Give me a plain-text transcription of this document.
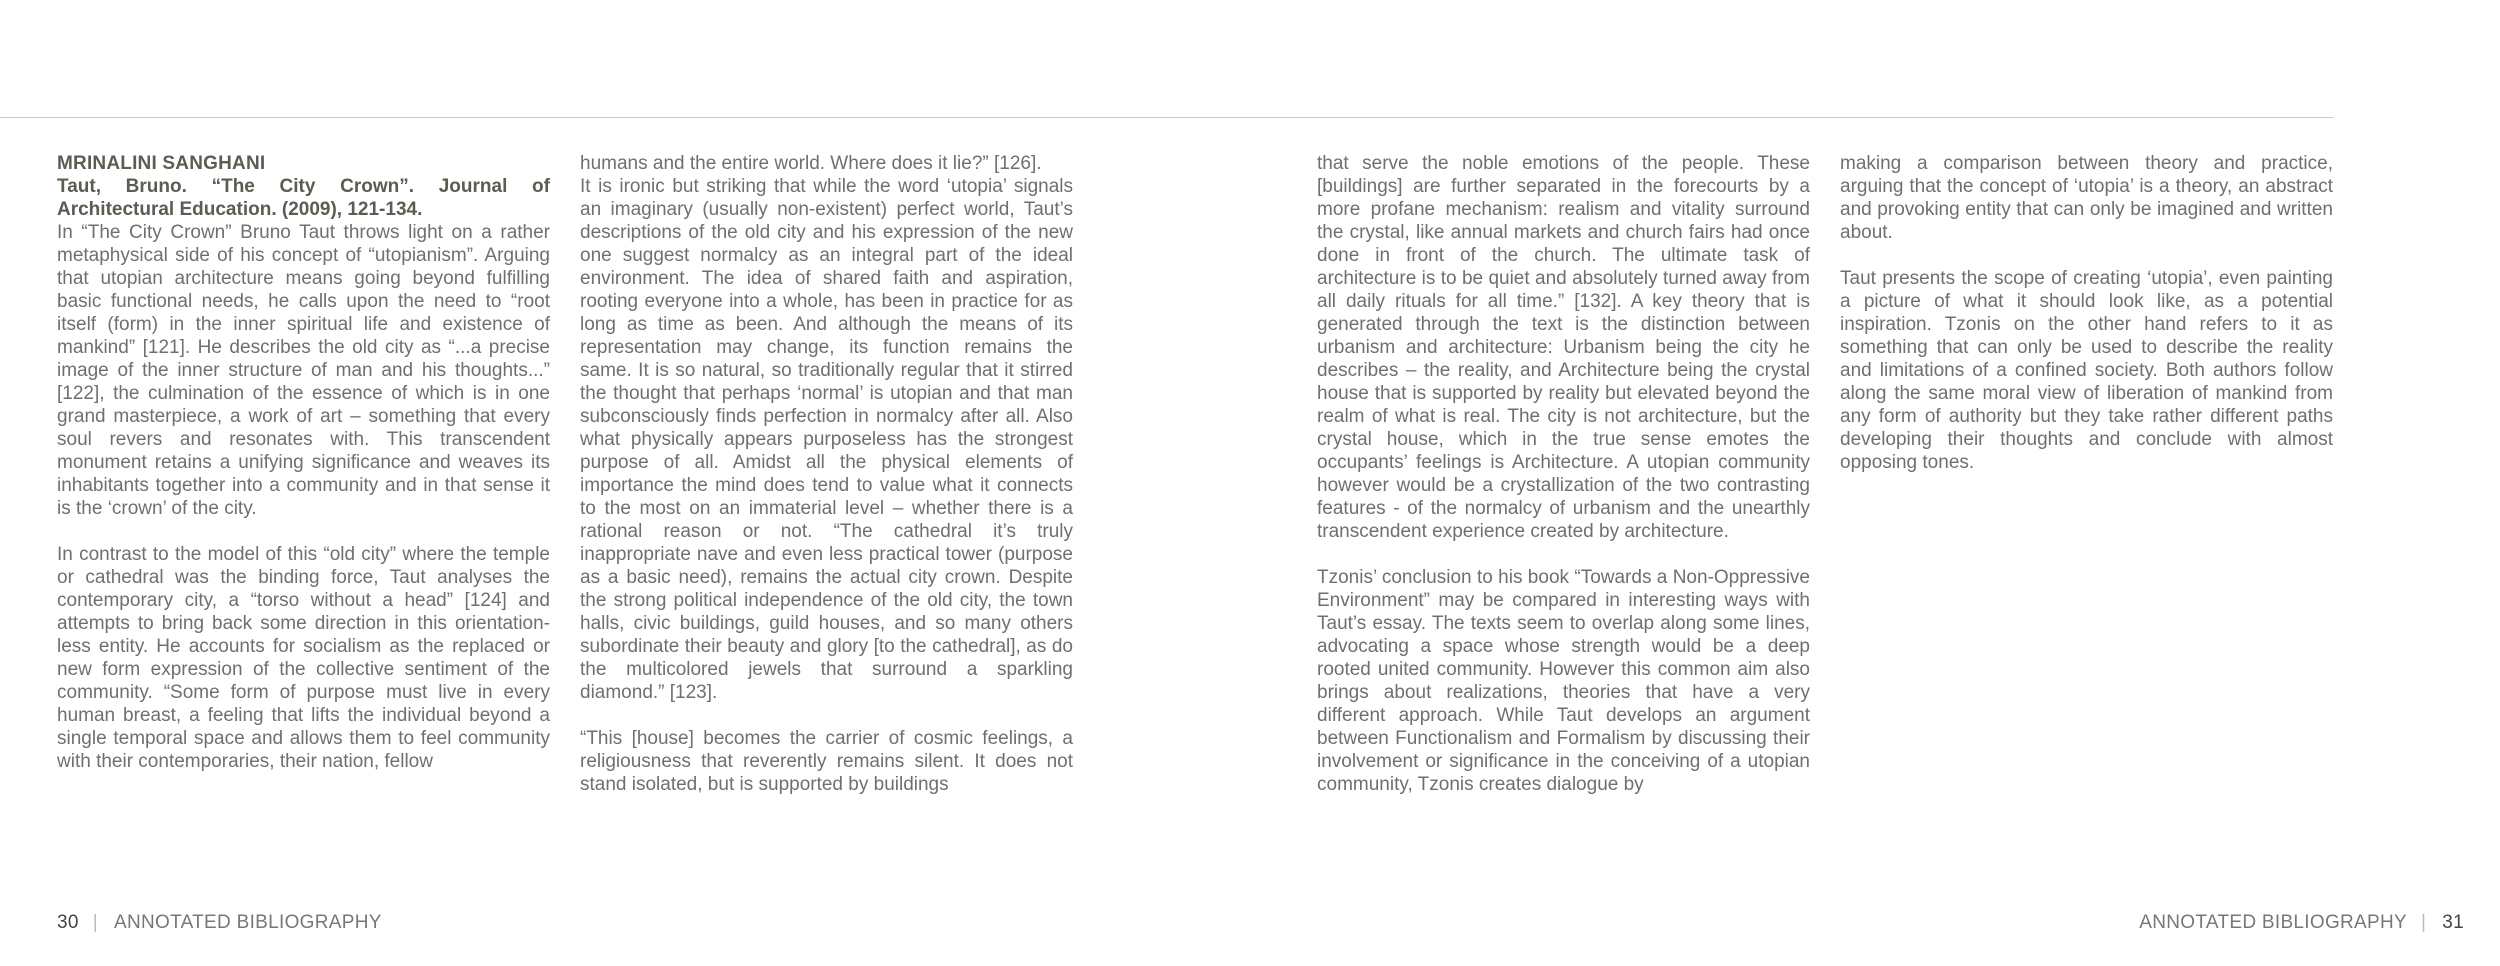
MRINALINI SANGHANI

Taut, Bruno. “The City Crown”. Journal of Architectural Education. (2009), 121-134.

In “The City Crown” Bruno Taut throws light on a rather metaphysical side of his concept of “utopianism”. Arguing that utopian architecture means going beyond fulfilling basic functional needs, he calls upon the need to “root itself (form) in the inner spiritual life and existence of mankind” [121]. He describes the old city as “...a precise image of the inner structure of man and his thoughts...” [122], the culmination of the essence of which is in one grand masterpiece, a work of art – something that every soul revers and resonates with. This transcendent monument retains a unifying significance and weaves its inhabitants together into a community and in that sense it is the ‘crown’ of the city.

In contrast to the model of this “old city” where the temple or cathedral was the binding force, Taut analyses the contemporary city, a “torso without a head” [124] and attempts to bring back some direction in this orientation-less entity. He accounts for socialism as the replaced or new form expression of the collective sentiment of the community. “Some form of purpose must live in every human breast, a feeling that lifts the individual beyond a single temporal space and allows them to feel community with their contemporaries, their nation, fellow

humans and the entire world. Where does it lie?” [126].

It is ironic but striking that while the word ‘utopia’ signals an imaginary (usually non-existent) perfect world, Taut’s descriptions of the old city and his expression of the new one suggest normalcy as an integral part of the ideal environment. The idea of shared faith and aspiration, rooting everyone into a whole, has been in practice for as long as time as been. And although the means of its representation may change, its function remains the same. It is so natural, so traditionally regular that it stirred the thought that perhaps ‘normal’ is utopian and that man subconsciously finds perfection in normalcy after all. Also what physically appears purposeless has the strongest purpose of all. Amidst all the physical elements of importance the mind does tend to value what it connects to the most on an immaterial level – whether there is a rational reason or not. “The cathedral it’s truly inappropriate nave and even less practical tower (purpose as a basic need), remains the actual city crown. Despite the strong political independence of the old city, the town halls, civic buildings, guild houses, and so many others subordinate their beauty and glory [to the cathedral], as do the multicolored jewels that surround a sparkling diamond.” [123].

“This [house] becomes the carrier of cosmic feelings, a religiousness that reverently remains silent. It does not stand isolated, but is supported by buildings

that serve the noble emotions of the people. These [buildings] are further separated in the forecourts by a more profane mechanism: realism and vitality surround the crystal, like annual markets and church fairs had once done in front of the church. The ultimate task of architecture is to be quiet and absolutely turned away from all daily rituals for all time.” [132]. A key theory that is generated through the text is the distinction between urbanism and architecture: Urbanism being the city he describes – the reality, and Architecture being the crystal house that is supported by reality but elevated beyond the realm of what is real. The city is not architecture, but the crystal house, which in the true sense emotes the occupants’ feelings is Architecture. A utopian community however would be a crystallization of the two contrasting features - of the normalcy of urbanism and the unearthly transcendent experience created by architecture.

Tzonis’ conclusion to his book “Towards a Non-Oppressive Environment” may be compared in interesting ways with Taut’s essay. The texts seem to overlap along some lines, advocating a space whose strength would be a deep rooted united community. However this common aim also brings about realizations, theories that have a very different approach. While Taut develops an argument between Functionalism and Formalism by discussing their involvement or significance in the conceiving of a utopian community, Tzonis creates dialogue by

making a comparison between theory and practice, arguing that the concept of ‘utopia’ is a theory, an abstract and provoking entity that can only be imagined and written about.

Taut presents the scope of creating ‘utopia’, even painting a picture of what it should look like, as a potential inspiration. Tzonis on the other hand refers to it as something that can only be used to describe the reality and limitations of a confined society. Both authors follow along the same moral view of liberation of mankind from any form of authority but they take rather different paths developing their thoughts and conclude with almost opposing tones.

30 | ANNOTATED BIBLIOGRAPHY	ANNOTATED BIBLIOGRAPHY | 31
